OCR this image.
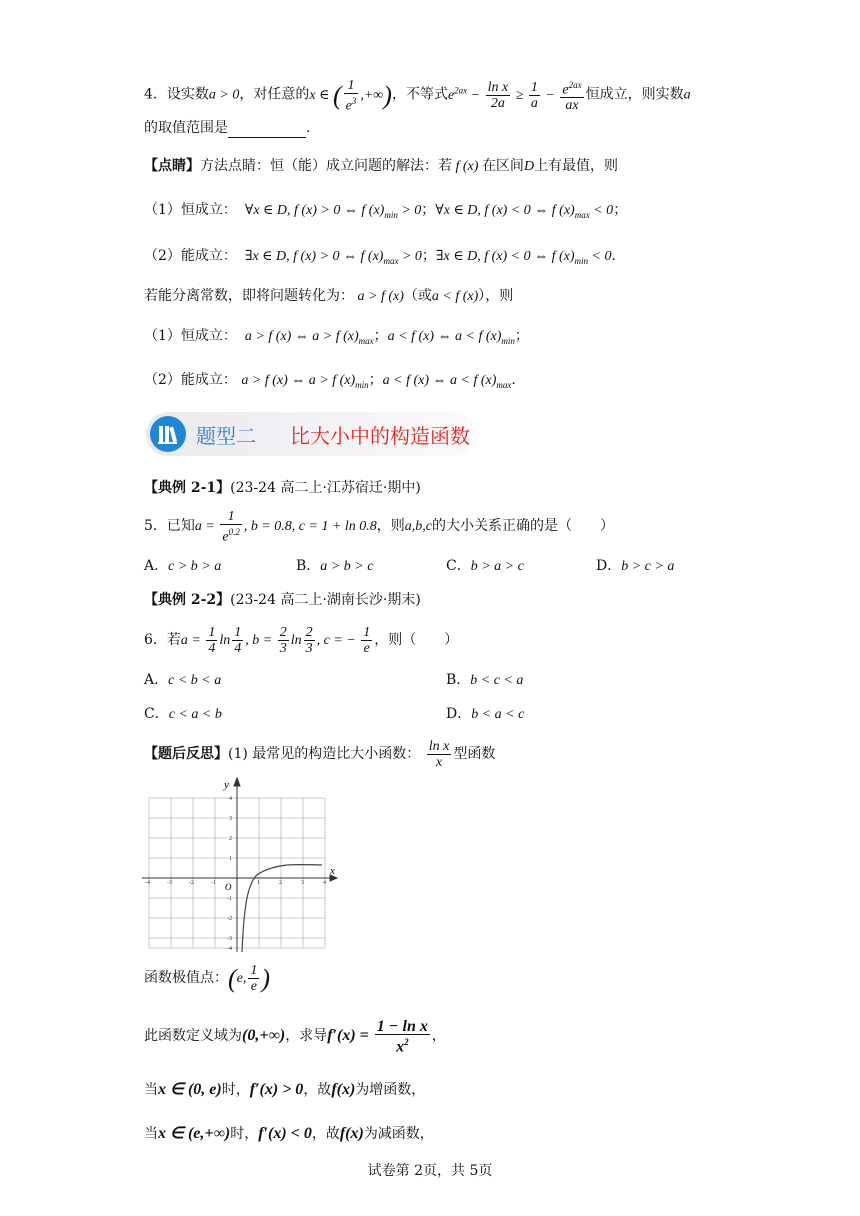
4．设实数a > 0，对任意的x ∈ ( $\frac{1}{e^3}$ ,+∞)，不等式$e^{2ax} - \frac{\text{ln x}}{2a} \ge \frac{1}{a} - \frac{e^{2ax}}{ax}$ 恒成立，则实数a
的取值范围是	.
【点睛】方法点睛：恒（能）成立问题的解法：若 f (x) 在区间D上有最值，则
（1）恒成立：  ∀x ∈ D, f (x) > 0 ⇔ f $(x)_{min} > 0$；∀x ∈ D, f (x) < 0 ⇔ f $(x)_{max} < 0$；
（2）能成立：  ∃x ∈ D, f (x) > 0 ⇔ f $(x)_{max} > 0$；∃x ∈ D, f (x) < 0 ⇔ f $(x)_{min} < 0$.
若能分离常数，即将问题转化为： a > f (x)（或a < f (x)），则
（1）恒成立：  a > f (x) ⇔ a > f $(x)_{max}$；a < f (x) ⇔ a < f $(x)_{min}$；
（2）能成立： a > f (x) ⇔ a > f $(x)_{min}$；a < f (x) ⇔ a < f $(x)_{max}$.
题型二 比大小中的构造函数
【典例 2-1】(23-24 高二上·江苏宿迁·期中)
5．已知$a = \frac{1}{e^{0.2}}$ , b = 0.8, c = 1 + ln 0.8，则a,b,c的大小关系正确的是（　　）
A．c > b > a	B．a > b > c	C．b > a > c	D．b > c > a
【典例 2-2】(23-24 高二上·湖南长沙·期末)
6．若$a = \frac{1}{4}$ $\ln \frac{1}{4}$ , $b = \frac{2}{3}$ $\ln \frac{2}{3}$ , c = − $\frac{1}{e}$ ，则（　　）
A．c < b < a	B．b < c < a
C．c < a < b	D．b < a < c
【题后反思】(1) 最常见的构造比大小函数： $\frac{\text{ln x}}{x}$ 型函数
-4	-3	-2	-1	1	2	3	4
4
3
2
1
-1
-2
-3
-4
x
y
O
函数极值点：(e, $\frac{1}{e}$ )
此函数定义域为(0,+∞)，求导$f'(x) = \frac{\text{1 − ln x}}{x^2}$ ，
当x ∈ (0, e)时，f′(x) > 0，故f(x)为增函数，
当x ∈ (e,+∞)时，f′(x) < 0，故f(x)为减函数，
试卷第 2页，共 5页
